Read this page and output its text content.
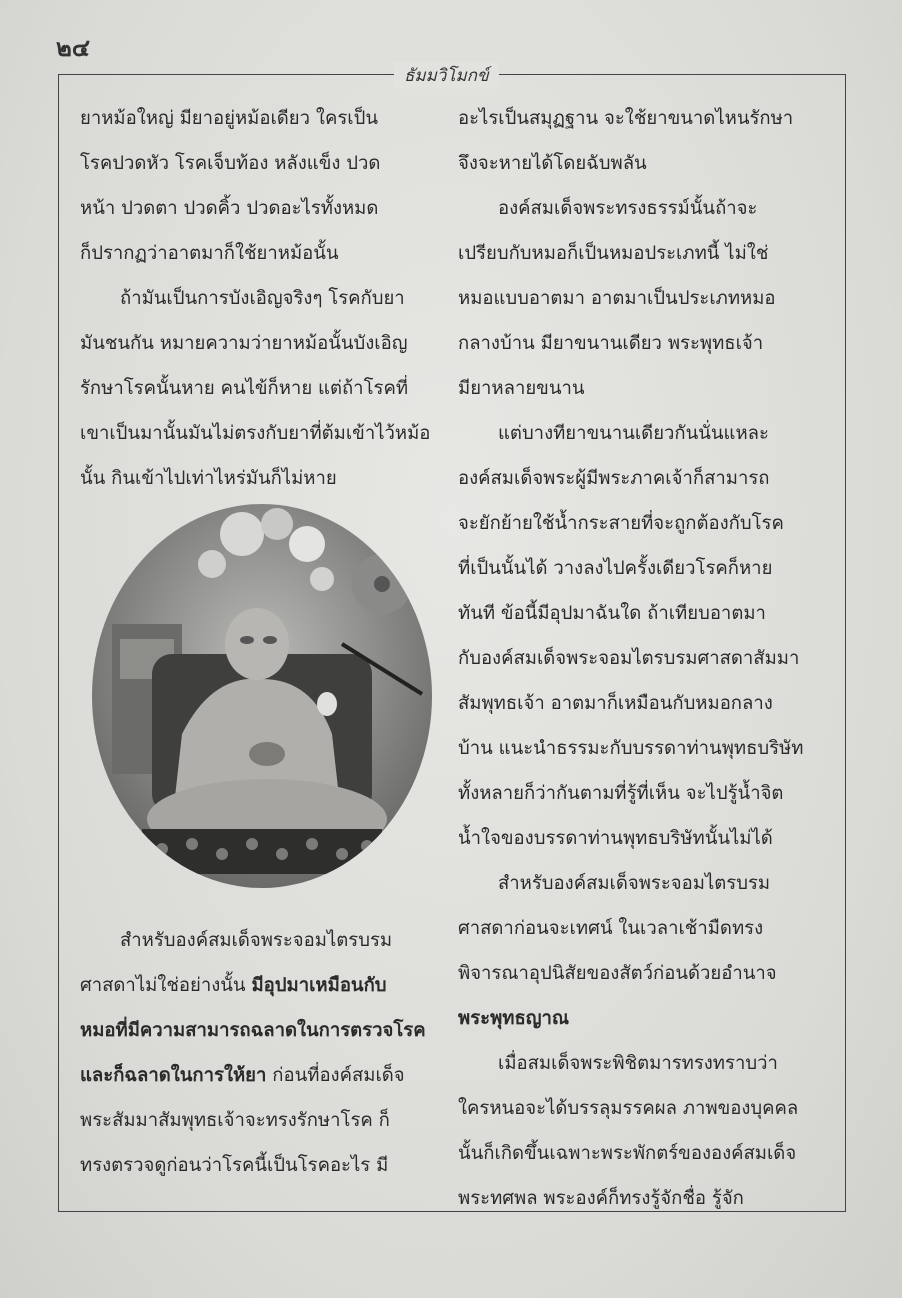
๒๔
ธัมมวิโมกข์
ยาหม้อใหญ่ มียาอยู่หม้อเดียว ใครเป็น
โรคปวดหัว โรคเจ็บท้อง หลังแข็ง ปวด
หน้า ปวดตา ปวดคิ้ว ปวดอะไรทั้งหมด
ก็ปรากฏว่าอาตมาก็ใช้ยาหม้อนั้น
ถ้ามันเป็นการบังเอิญจริงๆ โรคกับยา
มันชนกัน หมายความว่ายาหม้อนั้นบังเอิญ
รักษาโรคนั้นหาย คนไข้ก็หาย แต่ถ้าโรคที่
เขาเป็นมานั้นมันไม่ตรงกับยาที่ต้มเข้าไว้หม้อ
นั้น กินเข้าไปเท่าไหร่มันก็ไม่หาย
สำหรับองค์สมเด็จพระจอมไตรบรม
ศาสดาไม่ใช่อย่างนั้น มีอุปมาเหมือนกับ
หมอที่มีความสามารถฉลาดในการตรวจโรค
และก็ฉลาดในการให้ยา ก่อนที่องค์สมเด็จ
พระสัมมาสัมพุทธเจ้าจะทรงรักษาโรค ก็
ทรงตรวจดูก่อนว่าโรคนี้เป็นโรคอะไร มี
อะไรเป็นสมุฏฐาน จะใช้ยาขนาดไหนรักษา
จึงจะหายได้โดยฉับพลัน
องค์สมเด็จพระทรงธรรม์นั้นถ้าจะ
เปรียบกับหมอก็เป็นหมอประเภทนี้ ไม่ใช่
หมอแบบอาตมา อาตมาเป็นประเภทหมอ
กลางบ้าน มียาขนานเดียว พระพุทธเจ้า
มียาหลายขนาน
แต่บางทียาขนานเดียวกันนั่นแหละ
องค์สมเด็จพระผู้มีพระภาคเจ้าก็สามารถ
จะยักย้ายใช้น้ำกระสายที่จะถูกต้องกับโรค
ที่เป็นนั้นได้ วางลงไปครั้งเดียวโรคก็หาย
ทันที ข้อนี้มีอุปมาฉันใด ถ้าเทียบอาตมา
กับองค์สมเด็จพระจอมไตรบรมศาสดาสัมมา
สัมพุทธเจ้า อาตมาก็เหมือนกับหมอกลาง
บ้าน แนะนำธรรมะกับบรรดาท่านพุทธบริษัท
ทั้งหลายก็ว่ากันตามที่รู้ที่เห็น จะไปรู้น้ำจิต
น้ำใจของบรรดาท่านพุทธบริษัทนั้นไม่ได้
สำหรับองค์สมเด็จพระจอมไตรบรม
ศาสดาก่อนจะเทศน์ ในเวลาเช้ามืดทรง
พิจารณาอุปนิสัยของสัตว์ก่อนด้วยอำนาจ
พระพุทธญาณ
เมื่อสมเด็จพระพิชิตมารทรงทราบว่า
ใครหนอจะได้บรรลุมรรคผล ภาพของบุคคล
นั้นก็เกิดขึ้นเฉพาะพระพักตร์ขององค์สมเด็จ
พระทศพล พระองค์ก็ทรงรู้จักชื่อ รู้จัก
